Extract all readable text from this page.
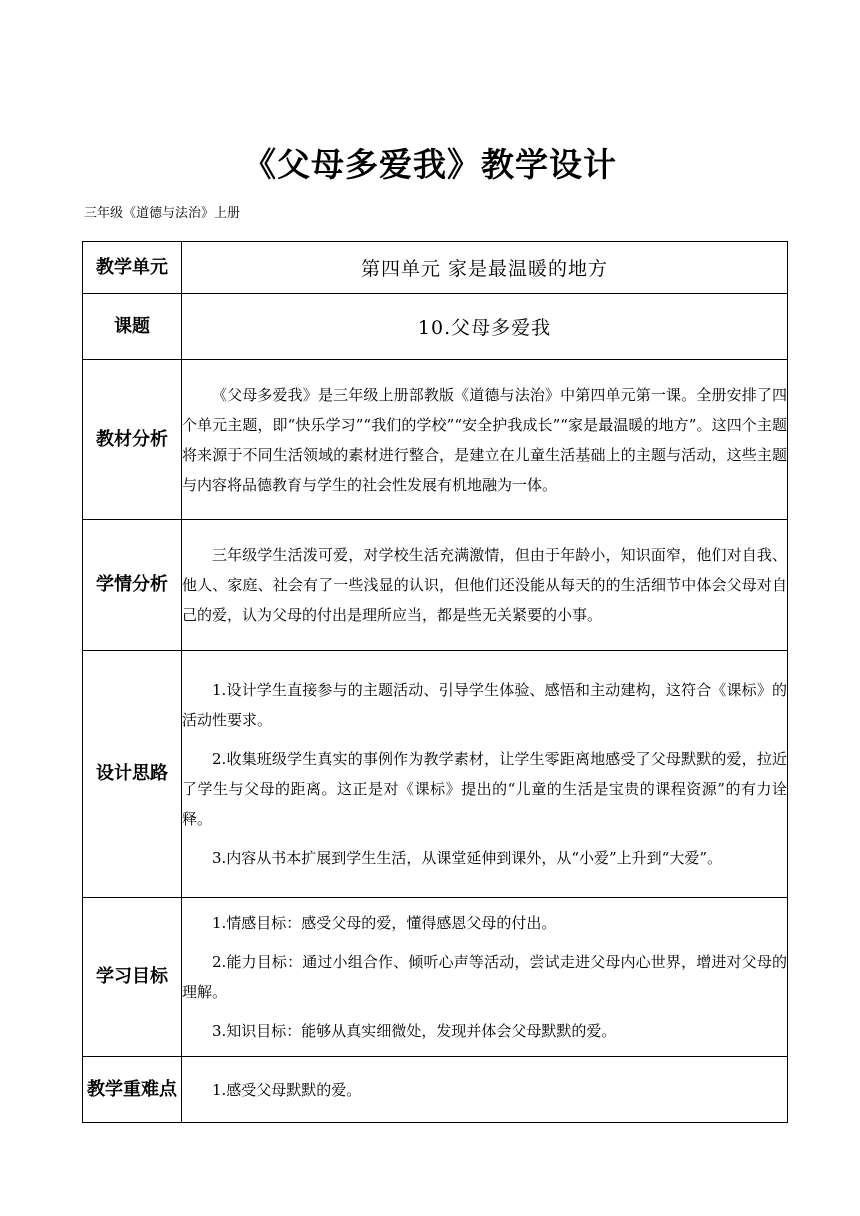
《父母多爱我》教学设计

三年级《道德与法治》上册

教学单元	第四单元 家是最温暖的地方
课题	10.父母多爱我
教材分析	《父母多爱我》是三年级上册部教版《道德与法治》中第四单元第一课。全册安排了四个单元主题，即“快乐学习”“我们的学校”“安全护我成长”“家是最温暖的地方”。这四个主题将来源于不同生活领域的素材进行整合，是建立在儿童生活基础上的主题与活动，这些主题与内容将品德教育与学生的社会性发展有机地融为一体。

学情分析	三年级学生活泼可爱，对学校生活充满激情，但由于年龄小，知识面窄，他们对自我、他人、家庭、社会有了一些浅显的认识，但他们还没能从每天的的生活细节中体会父母对自己的爱，认为父母的付出是理所应当，都是些无关紧要的小事。

设计思路	1.设计学生直接参与的主题活动、引导学生体验、感悟和主动建构，这符合《课标》的活动性要求。

2.收集班级学生真实的事例作为教学素材，让学生零距离地感受了父母默默的爱，拉近了学生与父母的距离。这正是对《课标》提出的“儿童的生活是宝贵的课程资源”的有力诠释。

3.内容从书本扩展到学生生活，从课堂延伸到课外，从“小爱”上升到“大爱”。

学习目标	1.情感目标：感受父母的爱，懂得感恩父母的付出。

2.能力目标：通过小组合作、倾听心声等活动，尝试走进父母内心世界，增进对父母的理解。

3.知识目标：能够从真实细微处，发现并体会父母默默的爱。

教学重难点	1.感受父母默默的爱。
